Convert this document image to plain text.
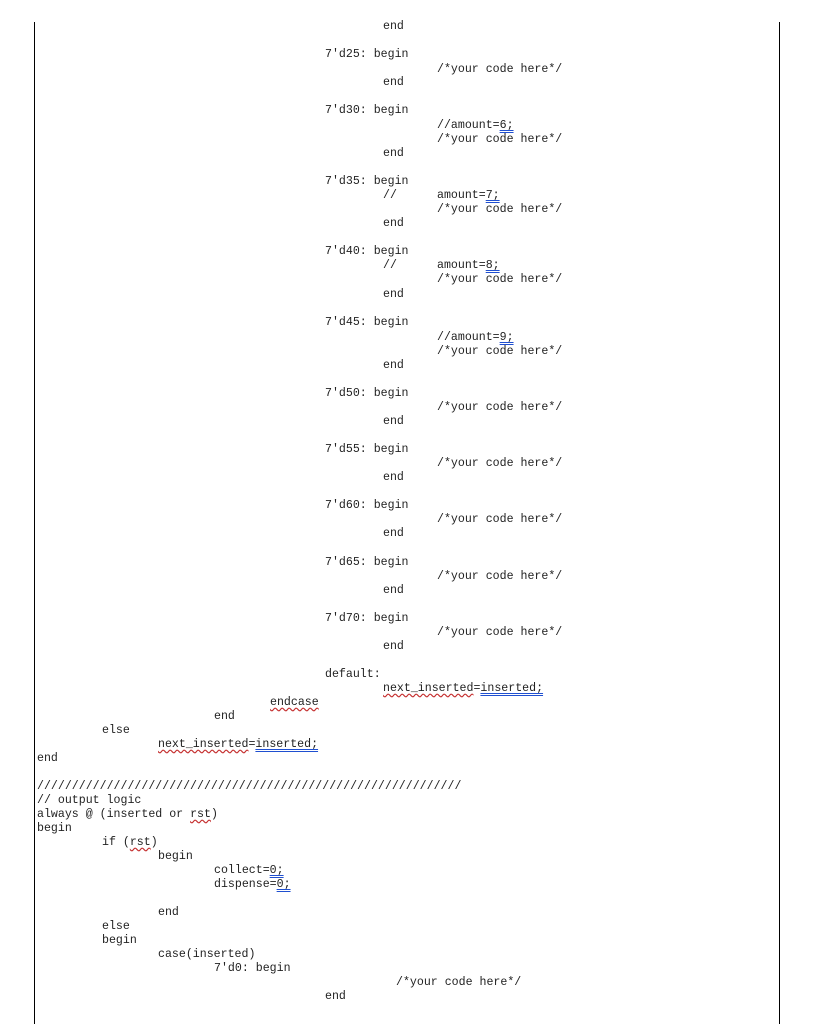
end
7'd25: begin
/*your code here*/
end
7'd30: begin
//amount=6;
/*your code here*/
end
7'd35: begin
//	amount=7;
/*your code here*/
end
7'd40: begin
//	amount=8;
/*your code here*/
end
7'd45: begin
//amount=9;
/*your code here*/
end
7'd50: begin
/*your code here*/
end
7'd55: begin
/*your code here*/
end
7'd60: begin
/*your code here*/
end
7'd65: begin
/*your code here*/
end
7'd70: begin
/*your code here*/
end
default:
next_inserted=inserted;
endcase
end
else
next_inserted=inserted;
end
/////////////////////////////////////////////////////////////
// output logic
always @ (inserted or rst)
begin
if (rst)
begin
collect=0;
dispense=0;
end
else
begin
case(inserted)
7'd0: begin
/*your code here*/
end
